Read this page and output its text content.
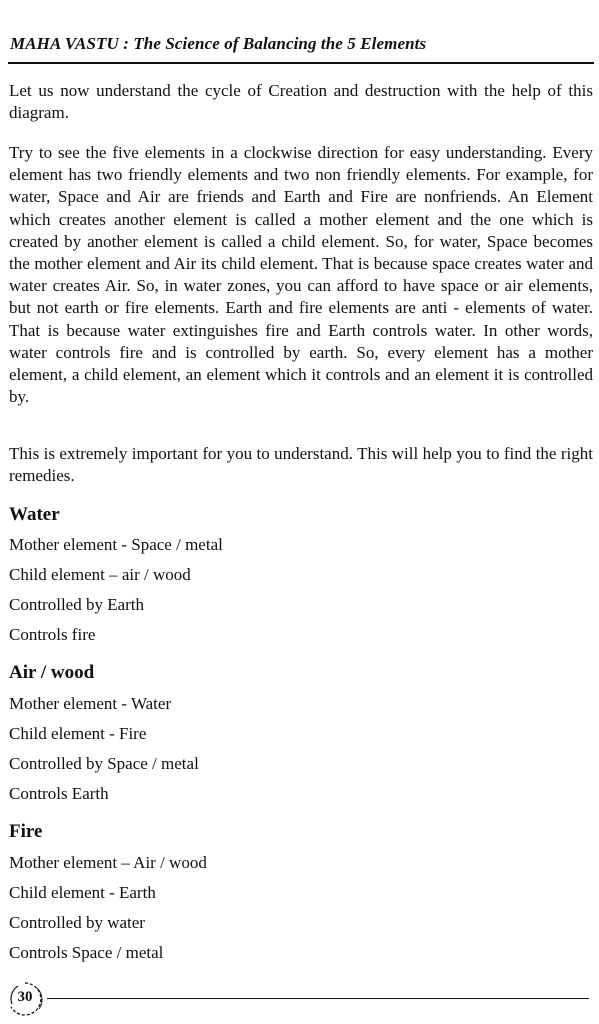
MAHA VASTU : The Science of Balancing the 5 Elements

Let us now understand the cycle of Creation and destruction with the help of this diagram.

Try to see the five elements in a clockwise direction for easy understanding. Every element has two friendly elements and two non friendly elements. For example, for water, Space and Air are friends and Earth and Fire are nonfriends. An Element which creates another element is called a mother element and the one which is created by another element is called a child element. So, for water, Space becomes the mother element and Air its child element. That is because space creates water and water creates Air. So, in water zones, you can afford to have space or air elements, but not earth or fire elements. Earth and fire elements are anti - elements of water. That is because water extinguishes fire and Earth controls water. In other words, water controls fire and is controlled by earth. So, every element has a mother element, a child element, an element which it controls and an element it is controlled by.

This is extremely important for you to understand. This will help you to find the right remedies.

Water

Mother element - Space / metal

Child element – air / wood

Controlled by Earth

Controls fire

Air / wood

Mother element - Water

Child element - Fire

Controlled by Space / metal

Controls Earth

Fire

Mother element – Air / wood

Child element - Earth

Controlled by water

Controls Space / metal

30
